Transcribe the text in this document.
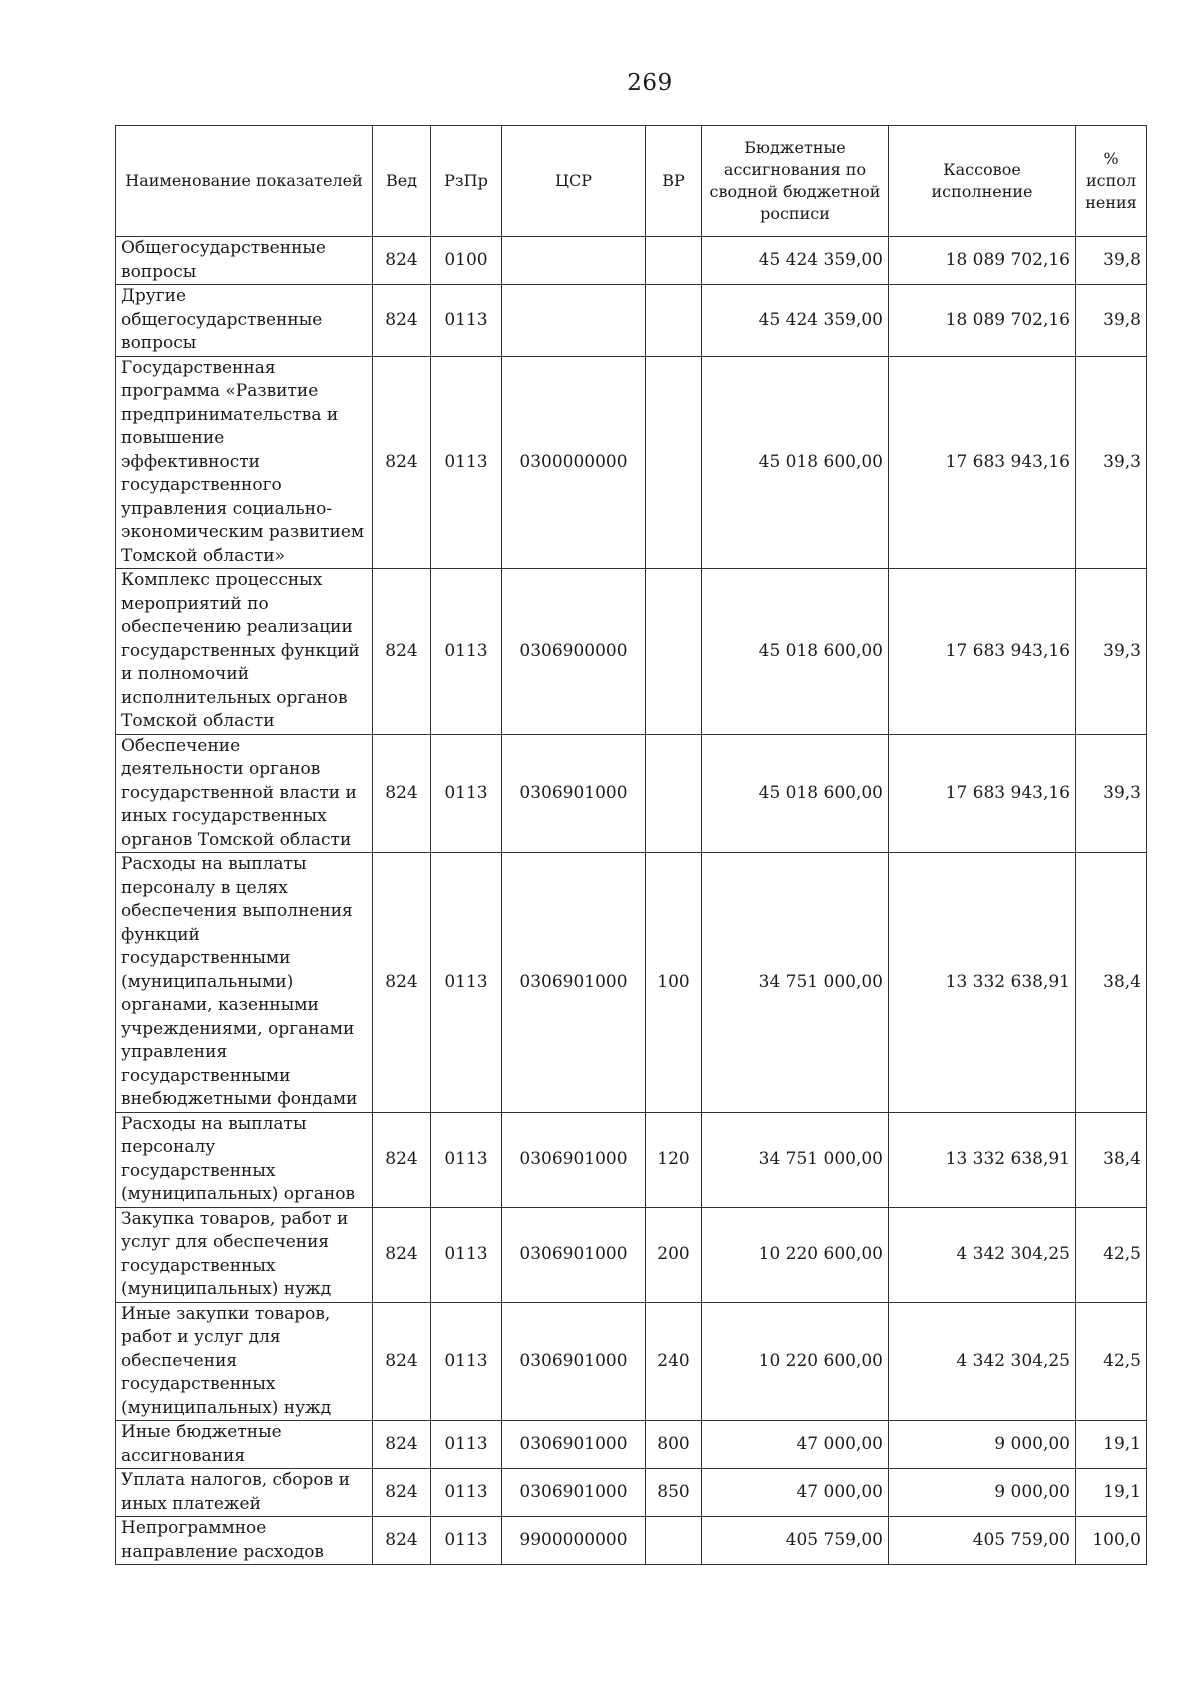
269
Наименование показателей	Вед	РзПр	ЦСР	ВР	Бюджетные ассигнования по сводной бюджетной росписи	Кассовое исполнение	% испол нения
Общегосударственные вопросы	824	0100			45 424 359,00	18 089 702,16	39,8
Другие общегосударственные вопросы	824	0113			45 424 359,00	18 089 702,16	39,8
Государственная программа «Развитие предпринимательства и повышение эффективности государственного управления социально-экономическим развитием Томской области»	824	0113	0300000000		45 018 600,00	17 683 943,16	39,3
Комплекс процессных мероприятий по обеспечению реализации государственных функций и полномочий исполнительных органов Томской области	824	0113	0306900000		45 018 600,00	17 683 943,16	39,3
Обеспечение деятельности органов государственной власти и иных государственных органов Томской области	824	0113	0306901000		45 018 600,00	17 683 943,16	39,3
Расходы на выплаты персоналу в целях обеспечения выполнения функций государственными (муниципальными) органами, казенными учреждениями, органами управления государственными внебюджетными фондами	824	0113	0306901000	100	34 751 000,00	13 332 638,91	38,4
Расходы на выплаты персоналу государственных (муниципальных) органов	824	0113	0306901000	120	34 751 000,00	13 332 638,91	38,4
Закупка товаров, работ и услуг для обеспечения государственных (муниципальных) нужд	824	0113	0306901000	200	10 220 600,00	4 342 304,25	42,5
Иные закупки товаров, работ и услуг для обеспечения государственных (муниципальных) нужд	824	0113	0306901000	240	10 220 600,00	4 342 304,25	42,5
Иные бюджетные ассигнования	824	0113	0306901000	800	47 000,00	9 000,00	19,1
Уплата налогов, сборов и иных платежей	824	0113	0306901000	850	47 000,00	9 000,00	19,1
Непрограммное направление расходов	824	0113	9900000000		405 759,00	405 759,00	100,0
